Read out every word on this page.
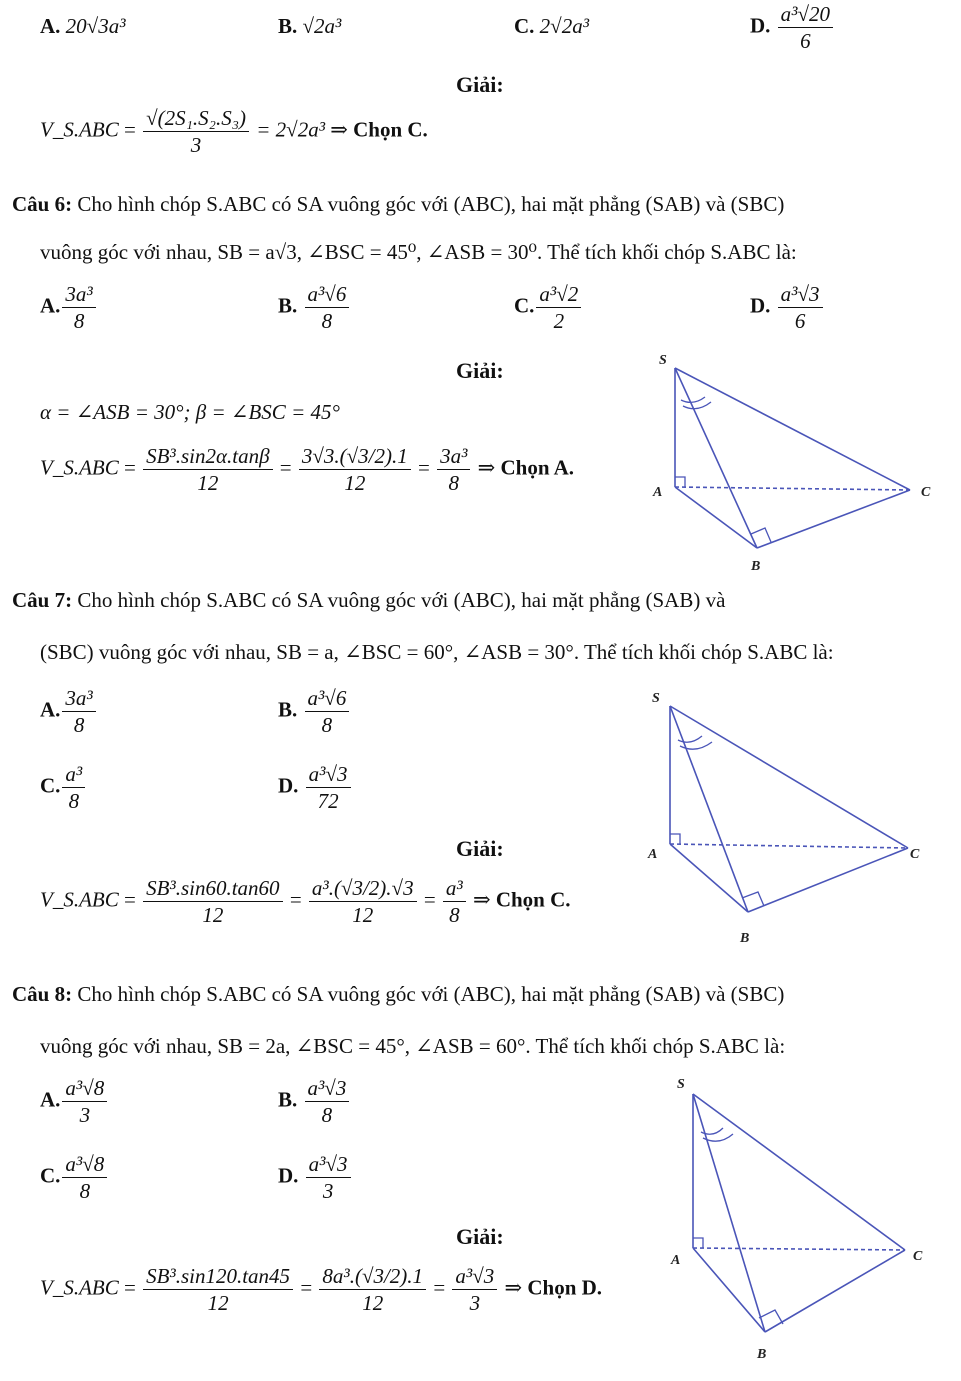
A. 20√3a³	B. √2a³	C. 2√2a³	D. $\frac{\text{a³√20}}{6}$
Giải:
V_S.ABC = $\frac{\text{√(2S₁.S₂.S₃)}}{3} = 2√2a^3$ ⇒ Chọn C.
Câu 6: Cho hình chóp S.ABC có SA vuông góc với (ABC), hai mặt phẳng (SAB) và (SBC)
vuông góc với nhau, SB = a√3, ∠BSC = 45⁰, ∠ASB = 30⁰. Thể tích khối chóp S.ABC là:
A. $\frac{\text{3a³}}{8}$	B. $\frac{\text{a³√6}}{8}$	C. $\frac{\text{a³√2}}{2}$	D. $\frac{\text{a³√3}}{6}$
Giải:
α = ∠ASB = 30°; β = ∠BSC = 45°
V_S.ABC = $\frac{\text{SB³.sin2α.tanβ}}{12} = \frac{3√3.(√3/2).1}{12} = \frac{\text{3a³}}{8}$ ⇒ Chọn A.
S
A
B
C
Câu 7: Cho hình chóp S.ABC có SA vuông góc với (ABC), hai mặt phẳng (SAB) và
(SBC) vuông góc với nhau, SB = a, ∠BSC = 60°, ∠ASB = 30°. Thể tích khối chóp S.ABC là:
A. $\frac{\text{3a³}}{8}$	B. $\frac{\text{a³√6}}{8}$
C. $\frac{\text{a³}}{8}$	D. $\frac{\text{a³√3}}{72}$
Giải:
V_S.ABC = $\frac{\text{SB³.sin60.tan60}}{12} = \frac{\text{a³.(√3/2).√3}}{12} = \frac{\text{a³}}{8}$ ⇒ Chọn C.
S
A
B
C
Câu 8: Cho hình chóp S.ABC có SA vuông góc với (ABC), hai mặt phẳng (SAB) và (SBC)
vuông góc với nhau, SB = 2a, ∠BSC = 45°, ∠ASB = 60°. Thể tích khối chóp S.ABC là:
A. $\frac{\text{a³√8}}{3}$	B. $\frac{\text{a³√3}}{8}$
C. $\frac{\text{a³√8}}{8}$	D. $\frac{\text{a³√3}}{3}$
Giải:
V_S.ABC = $\frac{\text{SB³.sin120.tan45}}{12} = \frac{\text{8a³.(√3/2).1}}{12} = \frac{\text{a³√3}}{3}$ ⇒ Chọn D.
S
A
B
C
